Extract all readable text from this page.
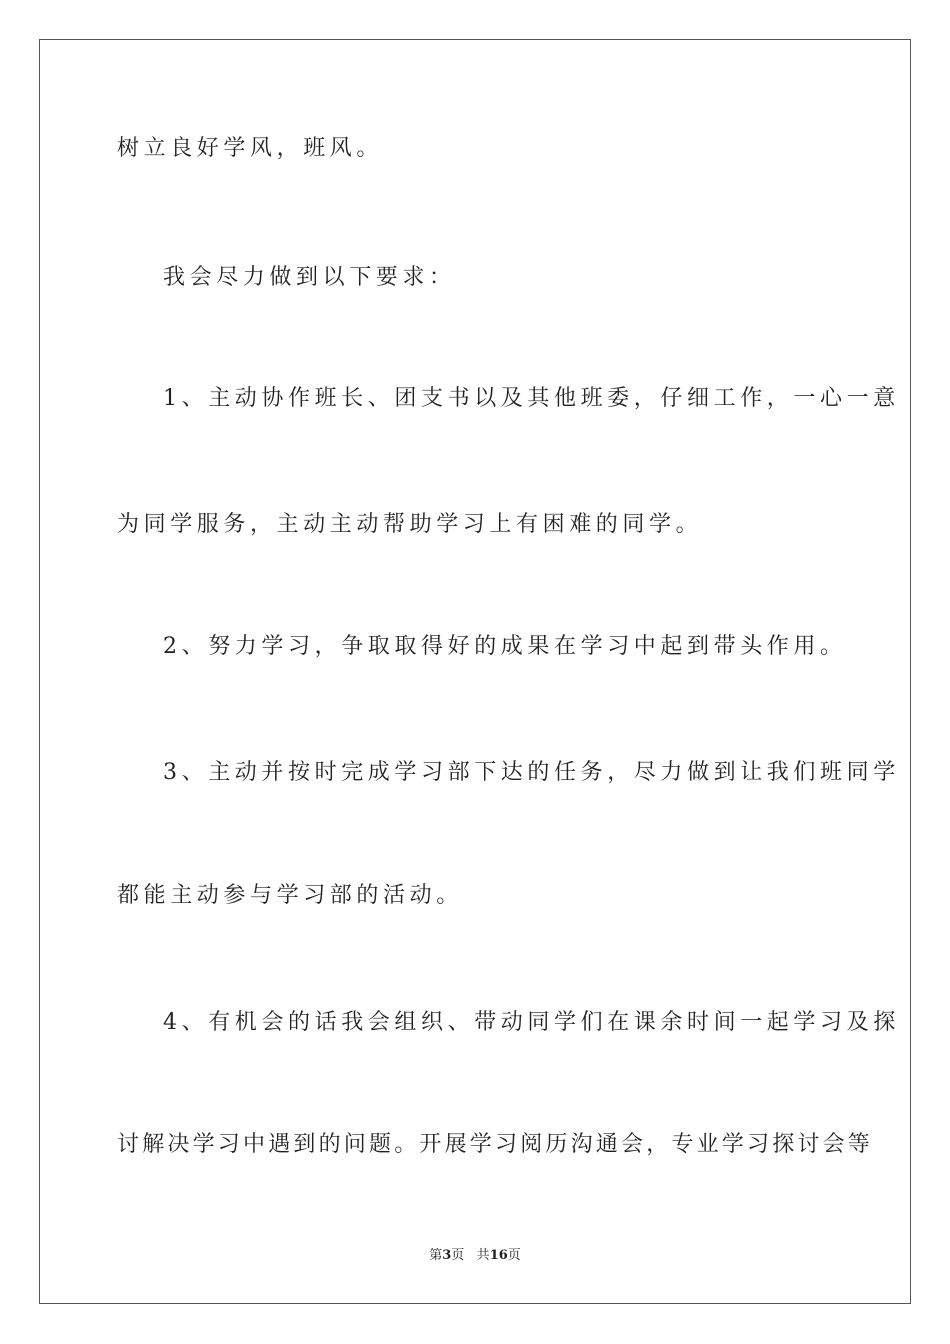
树立良好学风，班风。
我会尽力做到以下要求：
1、主动协作班长、团支书以及其他班委，仔细工作，一心一意
为同学服务，主动主动帮助学习上有困难的同学。
2、努力学习，争取取得好的成果在学习中起到带头作用。
3、主动并按时完成学习部下达的任务，尽力做到让我们班同学
都能主动参与学习部的活动。
4、有机会的话我会组织、带动同学们在课余时间一起学习及探
讨解决学习中遇到的问题。开展学习阅历沟通会，专业学习探讨会等
第3页 共16页
